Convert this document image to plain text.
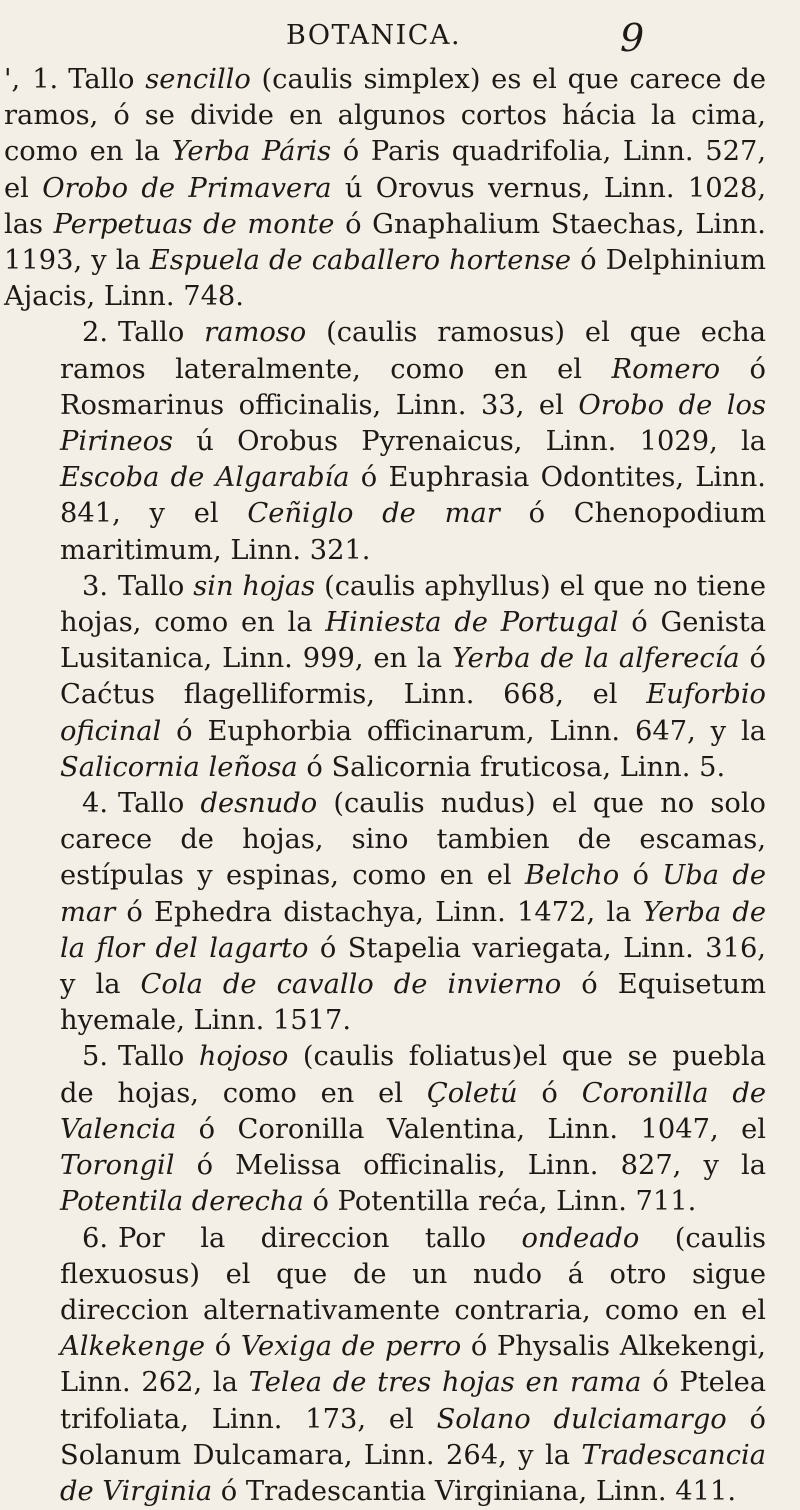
BOTANICA.	9

', 1. Tallo sencillo (caulis simplex) es el que carece de ramos, ó se divide en algunos cortos hácia la cima, como en la Yerba Páris ó Paris quadrifolia, Linn. 527, el Orobo de Primavera ú Orovus vernus, Linn. 1028, las Perpetuas de monte ó Gnaphalium Staechas, Linn. 1193, y la Espuela de caballero hortense ó Delphinium Ajacis, Linn. 748.

2. Tallo ramoso (caulis ramosus) el que echa ramos lateralmente, como en el Romero ó Rosmarinus officinalis, Linn. 33, el Orobo de los Pirineos ú Orobus Pyrenaicus, Linn. 1029, la Escoba de Algarabía ó Euphrasia Odontites, Linn. 841, y el Ceñiglo de mar ó Chenopodium maritimum, Linn. 321.

3. Tallo sin hojas (caulis aphyllus) el que no tiene hojas, como en la Hiniesta de Portugal ó Genista Lusitanica, Linn. 999, en la Yerba de la alferecía ó Caćtus flagelliformis, Linn. 668, el Euforbio oficinal ó Euphorbia officinarum, Linn. 647, y la Salicornia leñosa ó Salicornia fruticosa, Linn. 5.

4. Tallo desnudo (caulis nudus) el que no solo carece de hojas, sino tambien de escamas, estípulas y espinas, como en el Belcho ó Uba de mar ó Ephedra distachya, Linn. 1472, la Yerba de la flor del lagarto ó Stapelia variegata, Linn. 316, y la Cola de cavallo de invierno ó Equisetum hyemale, Linn. 1517.

5. Tallo hojoso (caulis foliatus)el que se puebla de hojas, como en el Çoletú ó Coronilla de Valencia ó Coronilla Valentina, Linn. 1047, el Torongil ó Melissa officinalis, Linn. 827, y la Potentila derecha ó Potentilla reća, Linn. 711.

6. Por la direccion tallo ondeado (caulis flexuosus) el que de un nudo á otro sigue direccion alternativamente contraria, como en el Alkekenge ó Vexiga de perro ó Physalis Alkekengi, Linn. 262, la Telea de tres hojas en rama ó Ptelea trifoliata, Linn. 173, el Solano dulciamargo ó Solanum Dulcamara, Linn. 264, y la Tradescancia de Virginia ó Tradescantia Virginiana, Linn. 411.
